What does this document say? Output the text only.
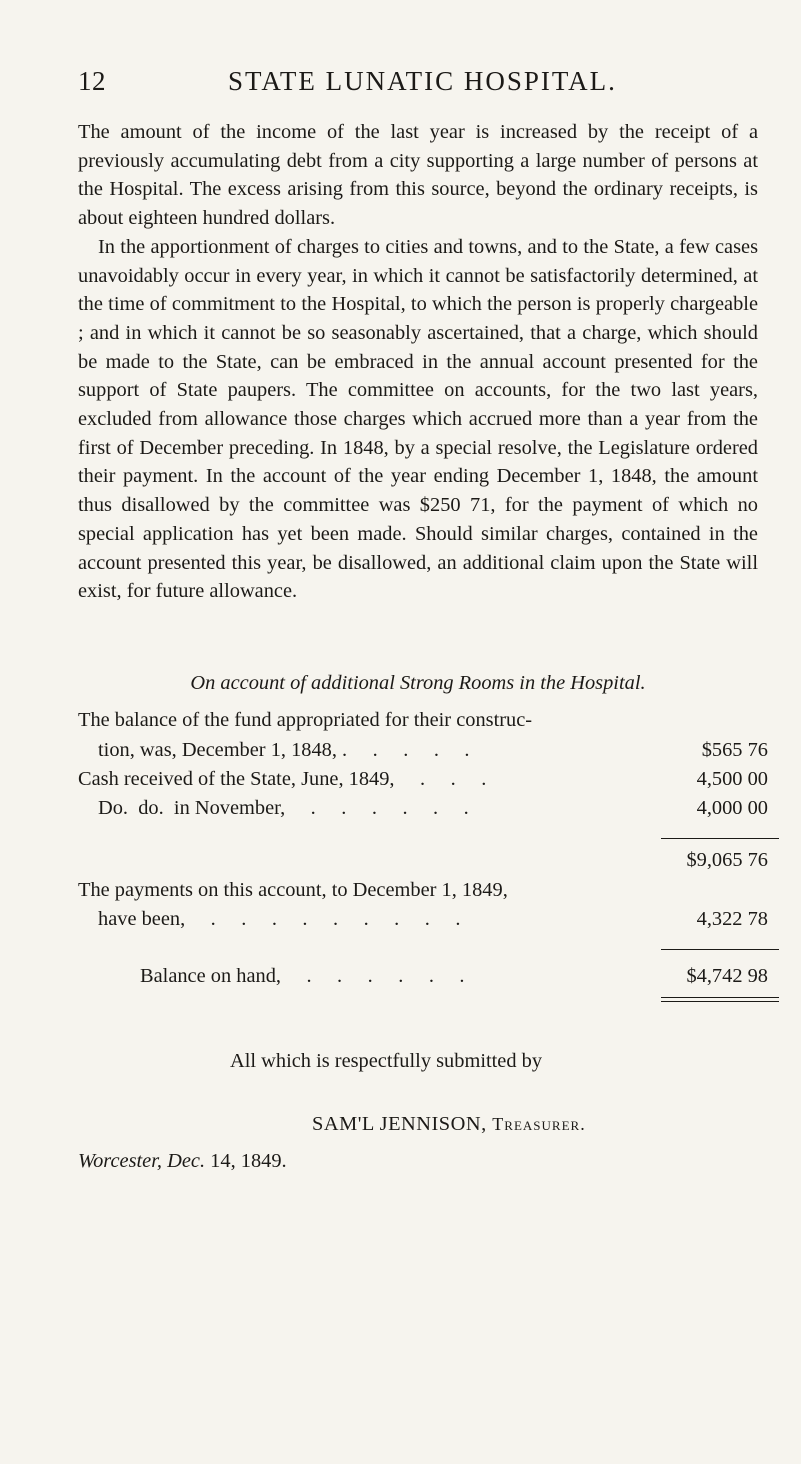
12	STATE LUNATIC HOSPITAL.

The amount of the income of the last year is increased by the receipt of a previously accumulating debt from a city supporting a large number of persons at the Hospital. The excess arising from this source, beyond the ordinary receipts, is about eighteen hundred dollars.

In the apportionment of charges to cities and towns, and to the State, a few cases unavoidably occur in every year, in which it cannot be satisfactorily determined, at the time of commitment to the Hospital, to which the person is properly chargeable ; and in which it cannot be so seasonably ascertained, that a charge, which should be made to the State, can be embraced in the annual account presented for the support of State paupers. The committee on accounts, for the two last years, excluded from allowance those charges which accrued more than a year from the first of December preceding. In 1848, by a special resolve, the Legislature ordered their payment. In the account of the year ending December 1, 1848, the amount thus disallowed by the committee was $250 71, for the payment of which no special application has yet been made. Should similar charges, contained in the account presented this year, be disallowed, an additional claim upon the State will exist, for future allowance.

On account of additional Strong Rooms in the Hospital.
The balance of the fund appropriated for their construc-
tion, was, December 1, 1848, .     .     .     .     .	$565 76
Cash received of the State, June, 1849,     .     .     .	4,500 00
Do.  do.  in November,     .     .     .     .     .     .	4,000 00
$9,065 76
The payments on this account, to December 1, 1849,
have been,     .     .     .     .     .     .     .     .     .	4,322 78
Balance on hand,     .     .     .     .     .     .	$4,742 98
All which is respectfully submitted by
SAM'L JENNISON, Treasurer.
Worcester, Dec. 14, 1849.
